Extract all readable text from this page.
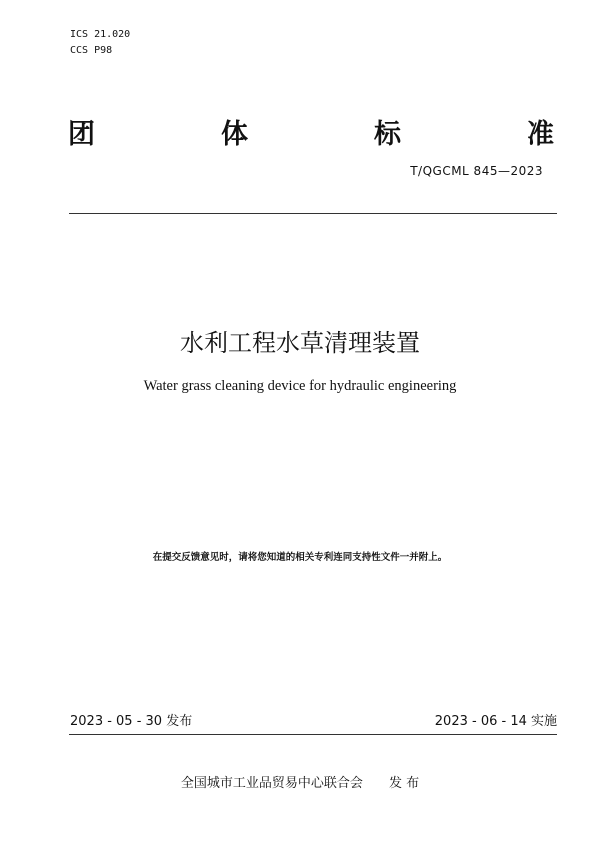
ICS 21.020
CCS P98
团	体	标	准
T/QGCML 845—2023
水利工程水草清理装置
Water grass cleaning device for hydraulic engineering
在提交反馈意见时，请将您知道的相关专利连同支持性文件一并附上。
2023 - 05 - 30 发布	2023 - 06 - 14 实施
全国城市工业品贸易中心联合会 发 布
